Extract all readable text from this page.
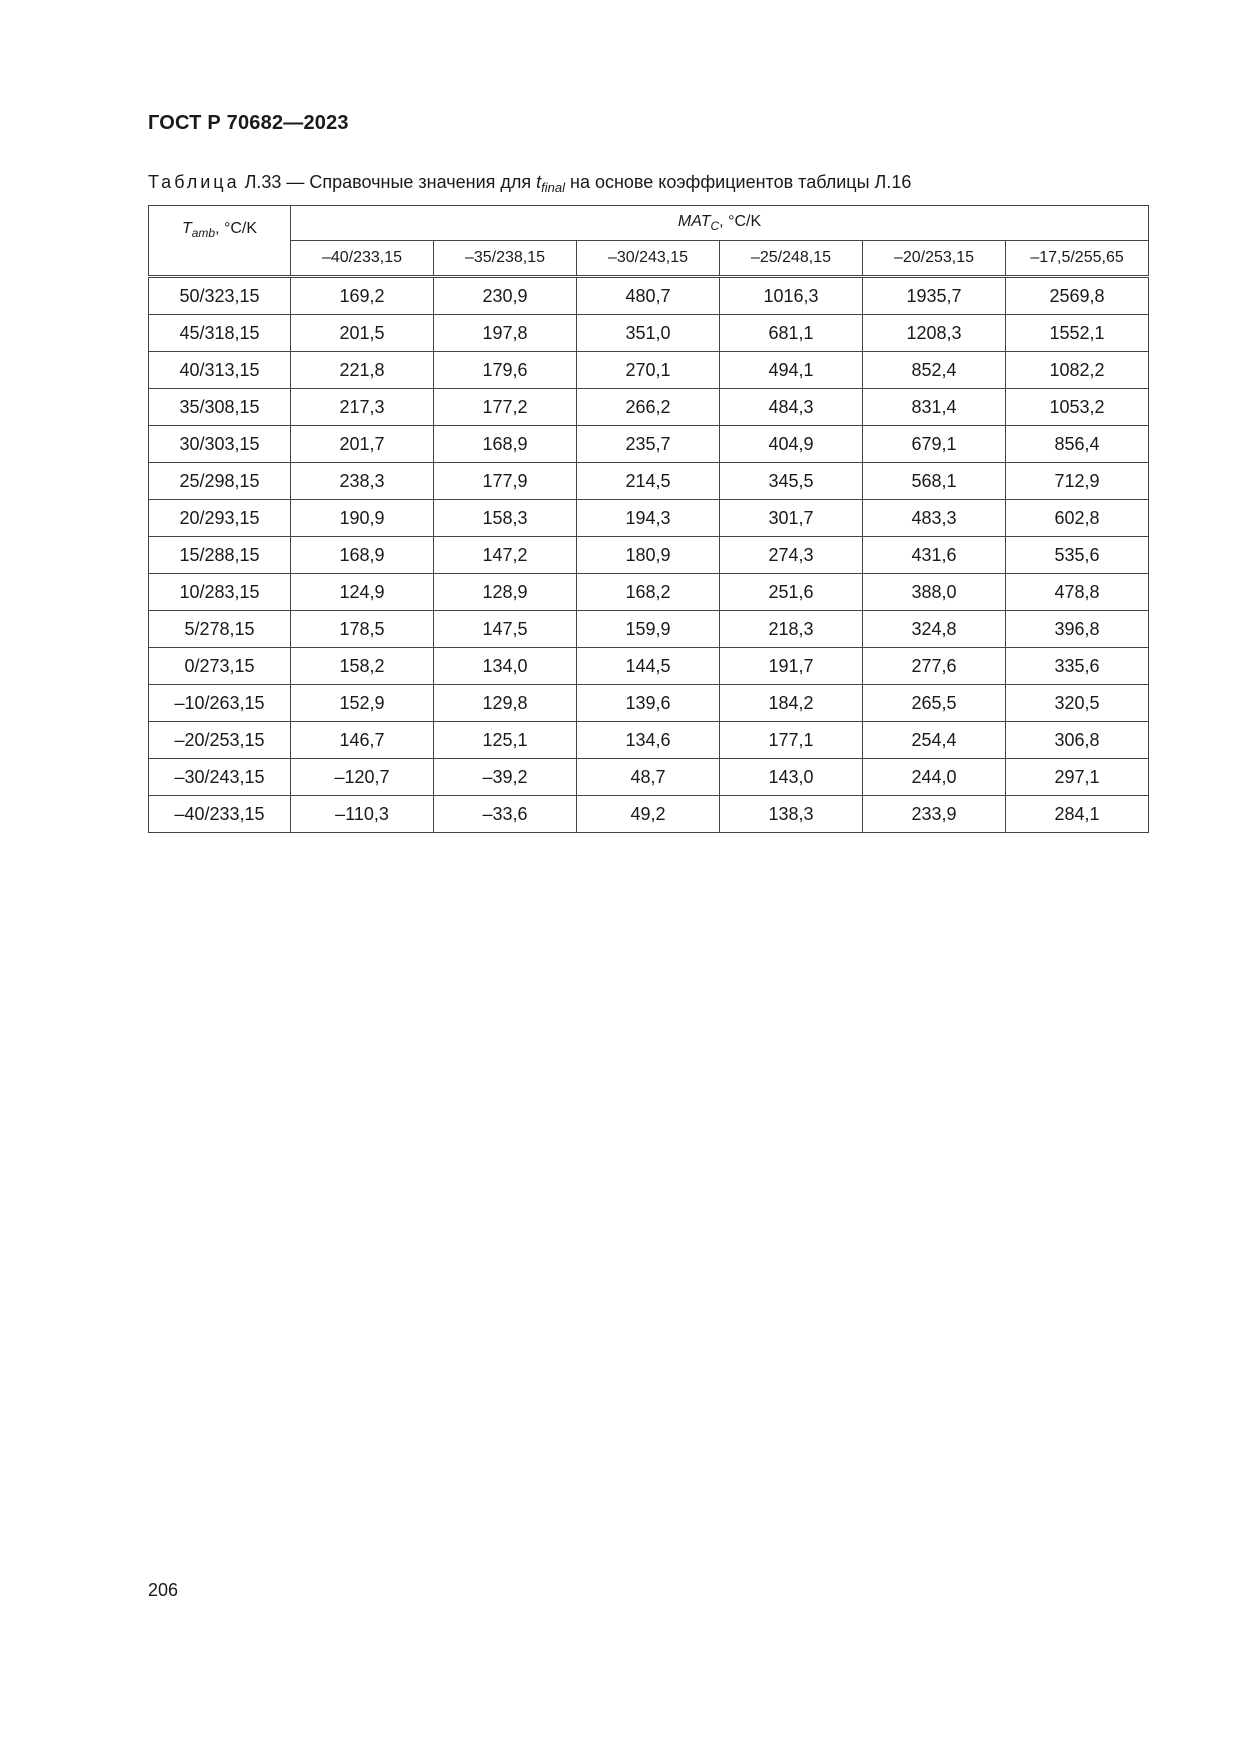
ГОСТ Р 70682—2023
Таблица Л.33 — Справочные значения для $t_{final}$ на основе коэффициентов таблицы Л.16
$T_{amb}$, °C/K	$MAT_C$, °C/K					
	–40/233,15	–35/238,15	–30/243,15	–25/248,15	–20/253,15	–17,5/255,65
50/323,15	169,2	230,9	480,7	1016,3	1935,7	2569,8
45/318,15	201,5	197,8	351,0	681,1	1208,3	1552,1
40/313,15	221,8	179,6	270,1	494,1	852,4	1082,2
35/308,15	217,3	177,2	266,2	484,3	831,4	1053,2
30/303,15	201,7	168,9	235,7	404,9	679,1	856,4
25/298,15	238,3	177,9	214,5	345,5	568,1	712,9
20/293,15	190,9	158,3	194,3	301,7	483,3	602,8
15/288,15	168,9	147,2	180,9	274,3	431,6	535,6
10/283,15	124,9	128,9	168,2	251,6	388,0	478,8
5/278,15	178,5	147,5	159,9	218,3	324,8	396,8
0/273,15	158,2	134,0	144,5	191,7	277,6	335,6
–10/263,15	152,9	129,8	139,6	184,2	265,5	320,5
–20/253,15	146,7	125,1	134,6	177,1	254,4	306,8
–30/243,15	–120,7	–39,2	48,7	143,0	244,0	297,1
–40/233,15	–110,3	–33,6	49,2	138,3	233,9	284,1
206
